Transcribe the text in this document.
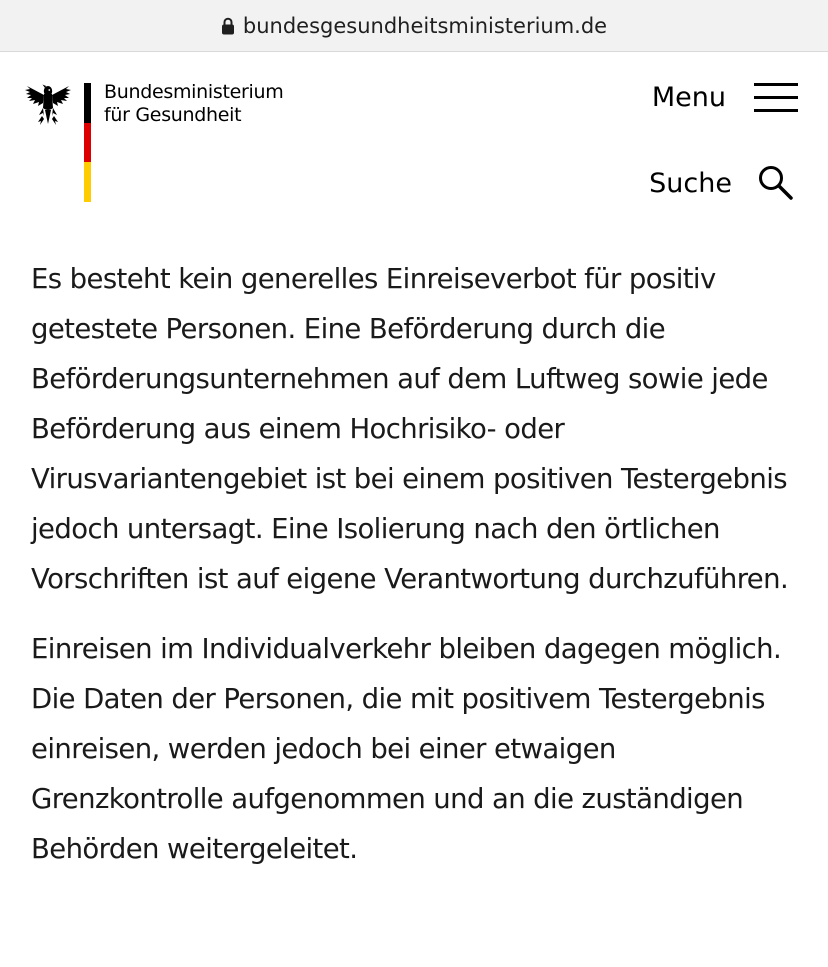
bundesgesundheitsministerium.de
Bundesministerium
für Gesundheit
Menu
Suche

Es besteht kein generelles Einreiseverbot für positiv getestete Personen. Eine Beförderung durch die Beförderungsunternehmen auf dem Luftweg sowie jede Beförderung aus einem Hochrisiko- oder Virusvariantengebiet ist bei einem positiven Testergebnis jedoch untersagt. Eine Isolierung nach den örtlichen Vorschriften ist auf eigene Verantwortung durchzuführen.

Einreisen im Individualverkehr bleiben dagegen möglich. Die Daten der Personen, die mit positivem Testergebnis einreisen, werden jedoch bei einer etwaigen Grenzkontrolle aufgenommen und an die zuständigen Behörden weitergeleitet.
